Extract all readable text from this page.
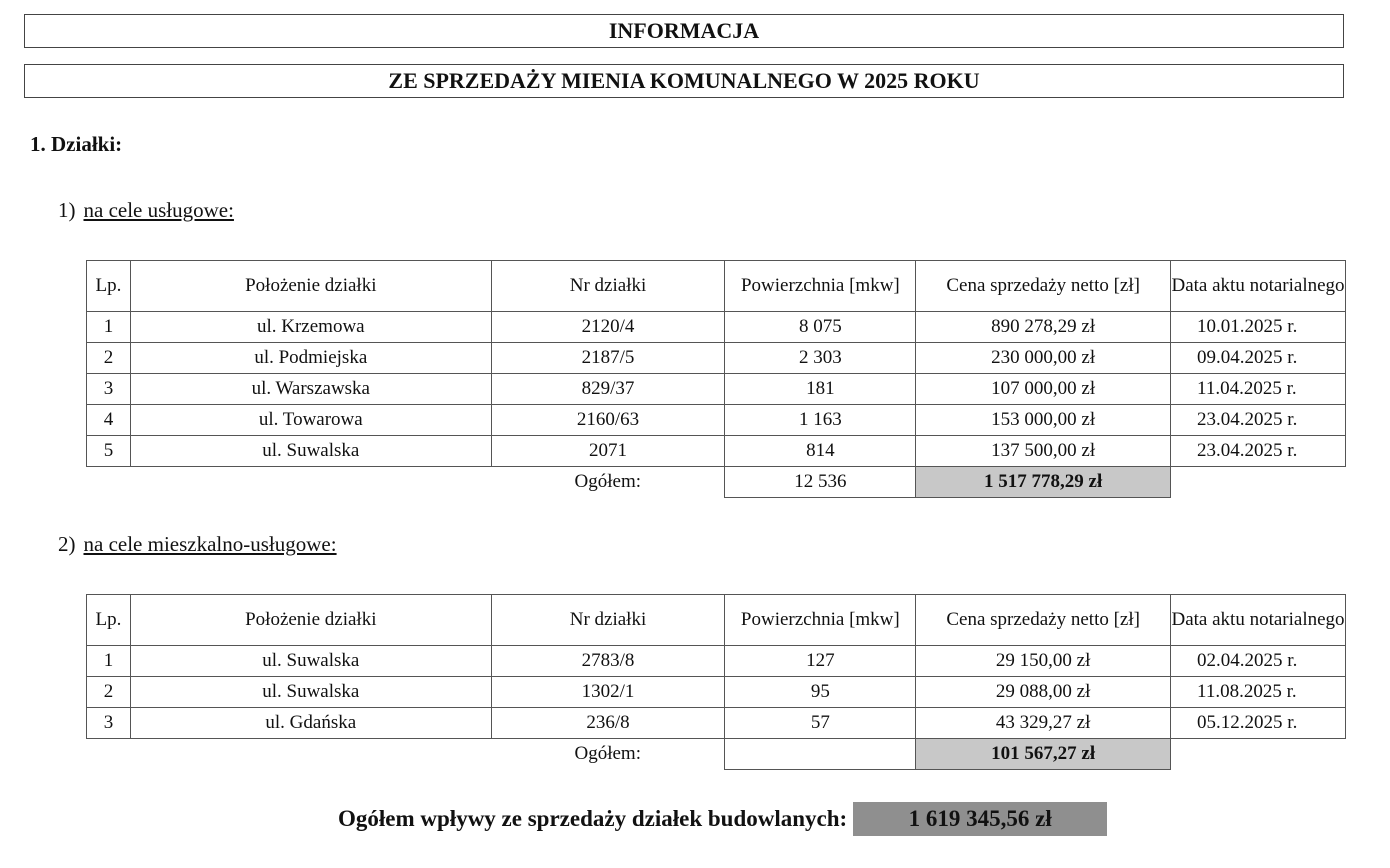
INFORMACJA
ZE SPRZEDAŻY MIENIA KOMUNALNEGO W 2025 ROKU
1. Działki:
1) na cele usługowe:
Lp.	Położenie działki	Nr działki	Powierzchnia [mkw]	Cena sprzedaży netto [zł]	Data aktu notarialnego
1	ul. Krzemowa	2120/4	8 075	890 278,29 zł	10.01.2025 r.
2	ul. Podmiejska	2187/5	2 303	230 000,00 zł	09.04.2025 r.
3	ul. Warszawska	829/37	181	107 000,00 zł	11.04.2025 r.
4	ul. Towarowa	2160/63	1 163	153 000,00 zł	23.04.2025 r.
5	ul. Suwalska	2071	814	137 500,00 zł	23.04.2025 r.
		Ogółem:	12 536	1 517 778,29 zł	
2) na cele mieszkalno-usługowe:
Lp.	Położenie działki	Nr działki	Powierzchnia [mkw]	Cena sprzedaży netto [zł]	Data aktu notarialnego
1	ul. Suwalska	2783/8	127	29 150,00 zł	02.04.2025 r.
2	ul. Suwalska	1302/1	95	29 088,00 zł	11.08.2025 r.
3	ul. Gdańska	236/8	57	43 329,27 zł	05.12.2025 r.
		Ogółem:		101 567,27 zł	
Ogółem wpływy ze sprzedaży działek budowlanych:	1 619 345,56 zł
